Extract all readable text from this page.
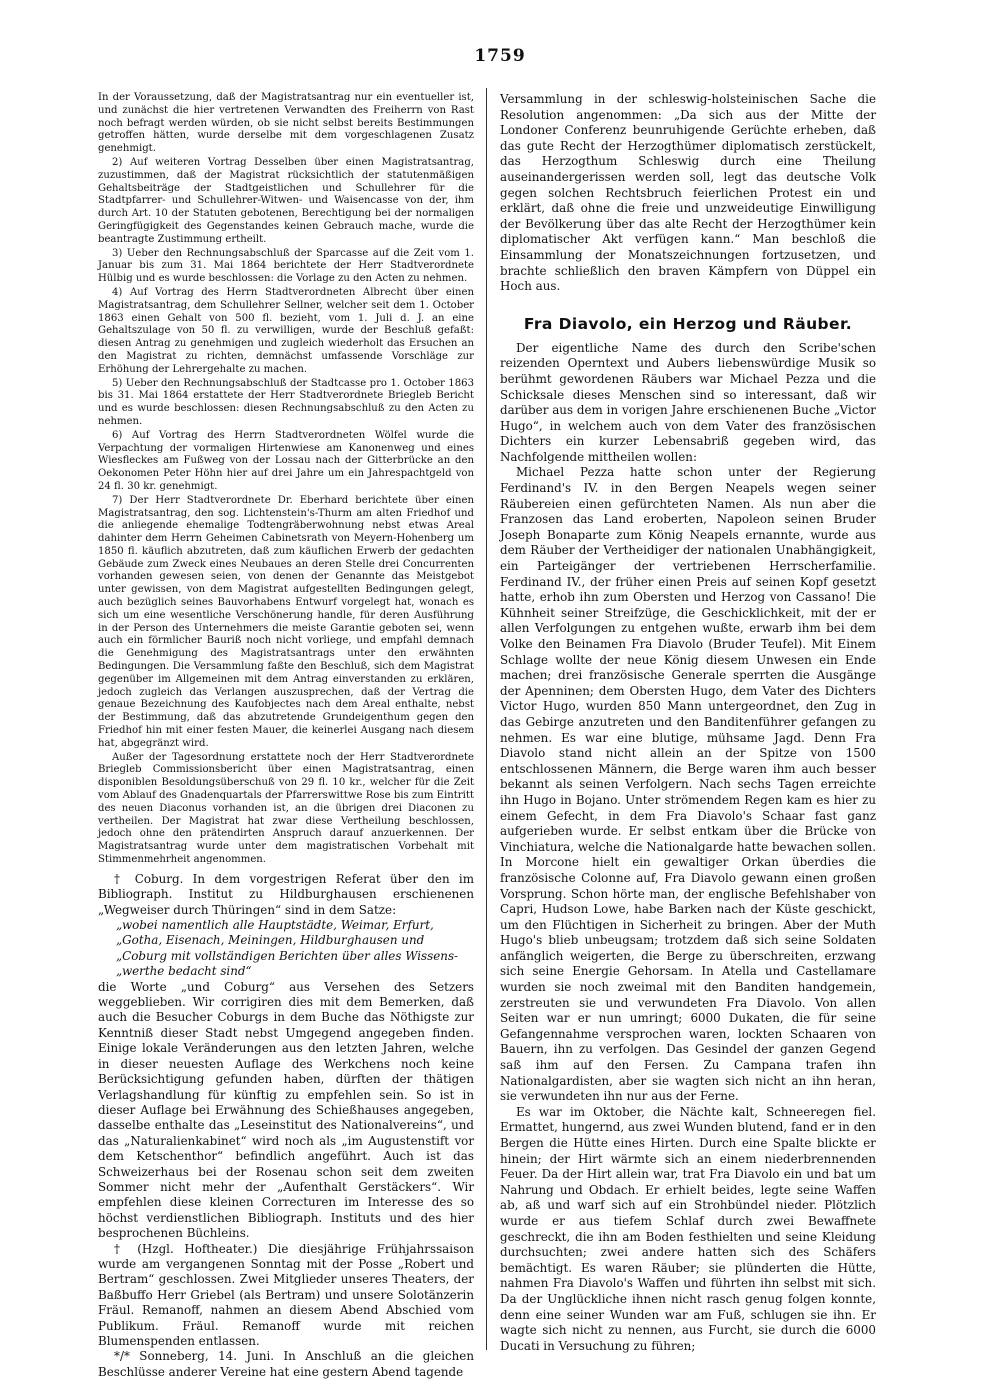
1759

In der Voraussetzung, daß der Magistratsantrag nur ein eventueller ist, und zunächst die hier vertretenen Verwandten des Freiherrn von Rast noch befragt werden würden, ob sie nicht selbst bereits Bestimmungen getroffen hätten, wurde derselbe mit dem vorgeschlagenen Zusatz genehmigt.

2) Auf weiteren Vortrag Desselben über einen Magistratsantrag, zuzustimmen, daß der Magistrat rücksichtlich der statutenmäßigen Gehaltsbeiträge der Stadtgeistlichen und Schullehrer für die Stadtpfarrer- und Schullehrer-Witwen- und Waisencasse von der, ihm durch Art. 10 der Statuten gebotenen, Berechtigung bei der normaligen Geringfügigkeit des Gegenstandes keinen Gebrauch mache, wurde die beantragte Zustimmung ertheilt.

3) Ueber den Rechnungsabschluß der Sparcasse auf die Zeit vom 1. Januar bis zum 31. Mai 1864 berichtete der Herr Stadtverordnete Hülbig und es wurde beschlossen: die Vorlage zu den Acten zu nehmen.

4) Auf Vortrag des Herrn Stadtverordneten Albrecht über einen Magistratsantrag, dem Schullehrer Sellner, welcher seit dem 1. October 1863 einen Gehalt von 500 fl. bezieht, vom 1. Juli d. J. an eine Gehaltszulage von 50 fl. zu verwilligen, wurde der Beschluß gefaßt: diesen Antrag zu genehmigen und zugleich wiederholt das Ersuchen an den Magistrat zu richten, demnächst umfassende Vorschläge zur Erhöhung der Lehrergehalte zu machen.

5) Ueber den Rechnungsabschluß der Stadtcasse pro 1. October 1863 bis 31. Mai 1864 erstattete der Herr Stadtverordnete Briegleb Bericht und es wurde beschlossen: diesen Rechnungsabschluß zu den Acten zu nehmen.

6) Auf Vortrag des Herrn Stadtverordneten Wölfel wurde die Verpachtung der vormaligen Hirtenwiese am Kanonenweg und eines Wiesfleckes am Fußweg von der Lossau nach der Gitterbrücke an den Oekonomen Peter Höhn hier auf drei Jahre um ein Jahrespachtgeld von 24 fl. 30 kr. genehmigt.

7) Der Herr Stadtverordnete Dr. Eberhard berichtete über einen Magistratsantrag, den sog. Lichtenstein's-Thurm am alten Friedhof und die anliegende ehemalige Todtengräberwohnung nebst etwas Areal dahinter dem Herrn Geheimen Cabinetsrath von Meyern-Hohenberg um 1850 fl. käuflich abzutreten, daß zum käuflichen Erwerb der gedachten Gebäude zum Zweck eines Neubaues an deren Stelle drei Concurrenten vorhanden gewesen seien, von denen der Genannte das Meistgebot unter gewissen, von dem Magistrat aufgestellten Bedingungen gelegt, auch bezüglich seines Bauvorhabens Entwurf vorgelegt hat, wonach es sich um eine wesentliche Verschönerung handle, für deren Ausführung in der Person des Unternehmers die meiste Garantie geboten sei, wenn auch ein förmlicher Bauriß noch nicht vorliege, und empfahl demnach die Genehmigung des Magistratsantrags unter den erwähnten Bedingungen. Die Versammlung faßte den Beschluß, sich dem Magistrat gegenüber im Allgemeinen mit dem Antrag einverstanden zu erklären, jedoch zugleich das Verlangen auszusprechen, daß der Vertrag die genaue Bezeichnung des Kaufobjectes nach dem Areal enthalte, nebst der Bestimmung, daß das abzutretende Grundeigenthum gegen den Friedhof hin mit einer festen Mauer, die keinerlei Ausgang nach diesem hat, abgegränzt wird.

Außer der Tagesordnung erstattete noch der Herr Stadtverordnete Briegleb Commissionsbericht über einen Magistratsantrag, einen disponiblen Besoldungsüberschuß von 29 fl. 10 kr., welcher für die Zeit vom Ablauf des Gnadenquartals der Pfarrerswittwe Rose bis zum Eintritt des neuen Diaconus vorhanden ist, an die übrigen drei Diaconen zu vertheilen. Der Magistrat hat zwar diese Vertheilung beschlossen, jedoch ohne den prätendirten Anspruch darauf anzuerkennen. Der Magistratsantrag wurde unter dem magistratischen Vorbehalt mit Stimmenmehrheit angenommen.

† Coburg. In dem vorgestrigen Referat über den im Bibliograph. Institut zu Hildburghausen erschienenen „Wegweiser durch Thüringen“ sind in dem Satze:

„wobei namentlich alle Hauptstädte, Weimar, Erfurt,
„Gotha, Eisenach, Meiningen, Hildburghausen und
„Coburg mit vollständigen Berichten über alles Wissens-
„werthe bedacht sind“

die Worte „und Coburg“ aus Versehen des Setzers weggeblieben. Wir corrigiren dies mit dem Bemerken, daß auch die Besucher Coburgs in dem Buche das Nöthigste zur Kenntniß dieser Stadt nebst Umgegend angegeben finden. Einige lokale Veränderungen aus den letzten Jahren, welche in dieser neuesten Auflage des Werkchens noch keine Berücksichtigung gefunden haben, dürften der thätigen Verlagshandlung für künftig zu empfehlen sein. So ist in dieser Auflage bei Erwähnung des Schießhauses angegeben, dasselbe enthalte das „Leseinstitut des Nationalvereins“, und das „Naturalienkabinet“ wird noch als „im Augustenstift vor dem Ketschenthor“ befindlich angeführt. Auch ist das Schweizerhaus bei der Rosenau schon seit dem zweiten Sommer nicht mehr der „Aufenthalt Gerstäckers“. Wir empfehlen diese kleinen Correcturen im Interesse des so höchst verdienstlichen Bibliograph. Instituts und des hier besprochenen Büchleins.

† (Hzgl. Hoftheater.) Die diesjährige Frühjahrssaison wurde am vergangenen Sonntag mit der Posse „Robert und Bertram“ geschlossen. Zwei Mitglieder unseres Theaters, der Baßbuffo Herr Griebel (als Bertram) und unsere Solotänzerin Fräul. Remanoff, nahmen an diesem Abend Abschied vom Publikum. Fräul. Remanoff wurde mit reichen Blumenspenden entlassen.

*/* Sonneberg, 14. Juni. In Anschluß an die gleichen Beschlüsse anderer Vereine hat eine gestern Abend tagende

Versammlung in der schleswig-holsteinischen Sache die Resolution angenommen: „Da sich aus der Mitte der Londoner Conferenz beunruhigende Gerüchte erheben, daß das gute Recht der Herzogthümer diplomatisch zerstückelt, das Herzogthum Schleswig durch eine Theilung auseinandergerissen werden soll, legt das deutsche Volk gegen solchen Rechtsbruch feierlichen Protest ein und erklärt, daß ohne die freie und unzweideutige Einwilligung der Bevölkerung über das alte Recht der Herzogthümer kein diplomatischer Akt verfügen kann.“ Man beschloß die Einsammlung der Monatszeichnungen fortzusetzen, und brachte schließlich den braven Kämpfern von Düppel ein Hoch aus.

Fra Diavolo, ein Herzog und Räuber.

Der eigentliche Name des durch den Scribe'schen reizenden Operntext und Aubers liebenswürdige Musik so berühmt gewordenen Räubers war Michael Pezza und die Schicksale dieses Menschen sind so interessant, daß wir darüber aus dem in vorigen Jahre erschienenen Buche „Victor Hugo“, in welchem auch von dem Vater des französischen Dichters ein kurzer Lebensabriß gegeben wird, das Nachfolgende mittheilen wollen:

Michael Pezza hatte schon unter der Regierung Ferdinand's IV. in den Bergen Neapels wegen seiner Räubereien einen gefürchteten Namen. Als nun aber die Franzosen das Land eroberten, Napoleon seinen Bruder Joseph Bonaparte zum König Neapels ernannte, wurde aus dem Räuber der Vertheidiger der nationalen Unabhängigkeit, ein Parteigänger der vertriebenen Herrscherfamilie. Ferdinand IV., der früher einen Preis auf seinen Kopf gesetzt hatte, erhob ihn zum Obersten und Herzog von Cassano! Die Kühnheit seiner Streifzüge, die Geschicklichkeit, mit der er allen Verfolgungen zu entgehen wußte, erwarb ihm bei dem Volke den Beinamen Fra Diavolo (Bruder Teufel). Mit Einem Schlage wollte der neue König diesem Unwesen ein Ende machen; drei französische Generale sperrten die Ausgänge der Apenninen; dem Obersten Hugo, dem Vater des Dichters Victor Hugo, wurden 850 Mann untergeordnet, den Zug in das Gebirge anzutreten und den Banditenführer gefangen zu nehmen. Es war eine blutige, mühsame Jagd. Denn Fra Diavolo stand nicht allein an der Spitze von 1500 entschlossenen Männern, die Berge waren ihm auch besser bekannt als seinen Verfolgern. Nach sechs Tagen erreichte ihn Hugo in Bojano. Unter strömendem Regen kam es hier zu einem Gefecht, in dem Fra Diavolo's Schaar fast ganz aufgerieben wurde. Er selbst entkam über die Brücke von Vinchiatura, welche die Nationalgarde hatte bewachen sollen. In Morcone hielt ein gewaltiger Orkan überdies die französische Colonne auf, Fra Diavolo gewann einen großen Vorsprung. Schon hörte man, der englische Befehlshaber von Capri, Hudson Lowe, habe Barken nach der Küste geschickt, um den Flüchtigen in Sicherheit zu bringen. Aber der Muth Hugo's blieb unbeugsam; trotzdem daß sich seine Soldaten anfänglich weigerten, die Berge zu überschreiten, erzwang sich seine Energie Gehorsam. In Atella und Castellamare wurden sie noch zweimal mit den Banditen handgemein, zerstreuten sie und verwundeten Fra Diavolo. Von allen Seiten war er nun umringt; 6000 Dukaten, die für seine Gefangennahme versprochen waren, lockten Schaaren von Bauern, ihn zu verfolgen. Das Gesindel der ganzen Gegend saß ihm auf den Fersen. Zu Campana trafen ihn Nationalgardisten, aber sie wagten sich nicht an ihn heran, sie verwundeten ihn nur aus der Ferne.

Es war im Oktober, die Nächte kalt, Schneeregen fiel. Ermattet, hungernd, aus zwei Wunden blutend, fand er in den Bergen die Hütte eines Hirten. Durch eine Spalte blickte er hinein; der Hirt wärmte sich an einem niederbrennenden Feuer. Da der Hirt allein war, trat Fra Diavolo ein und bat um Nahrung und Obdach. Er erhielt beides, legte seine Waffen ab, aß und warf sich auf ein Strohbündel nieder. Plötzlich wurde er aus tiefem Schlaf durch zwei Bewaffnete geschreckt, die ihn am Boden festhielten und seine Kleidung durchsuchten; zwei andere hatten sich des Schäfers bemächtigt. Es waren Räuber; sie plünderten die Hütte, nahmen Fra Diavolo's Waffen und führten ihn selbst mit sich. Da der Unglückliche ihnen nicht rasch genug folgen konnte, denn eine seiner Wunden war am Fuß, schlugen sie ihn. Er wagte sich nicht zu nennen, aus Furcht, sie durch die 6000 Ducati in Versuchung zu führen;
